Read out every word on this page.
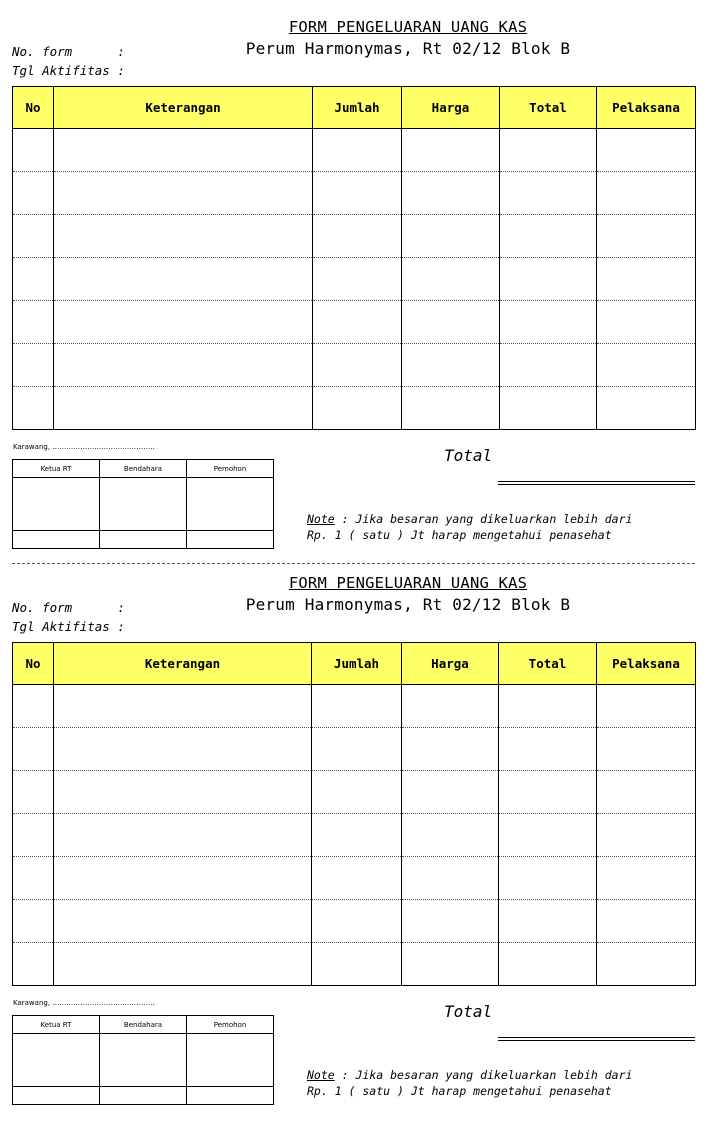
FORM PENGELUARAN UANG KAS
Perum Harmonymas, Rt 02/12 Blok B
No. form      :
Tgl Aktifitas :
No	Keterangan	Jumlah	Harga	Total	Pelaksana

Karawang, ……………………………………..
Ketua RT	Bendahara	Pemohon

Total
Note : Jika besaran yang dikeluarkan lebih dari
Rp. 1 ( satu ) Jt harap mengetahui penasehat
FORM PENGELUARAN UANG KAS
Perum Harmonymas, Rt 02/12 Blok B
No. form      :
Tgl Aktifitas :
No	Keterangan	Jumlah	Harga	Total	Pelaksana

Karawang, ……………………………………..
Ketua RT	Bendahara	Pemohon

Total
Note : Jika besaran yang dikeluarkan lebih dari
Rp. 1 ( satu ) Jt harap mengetahui penasehat
